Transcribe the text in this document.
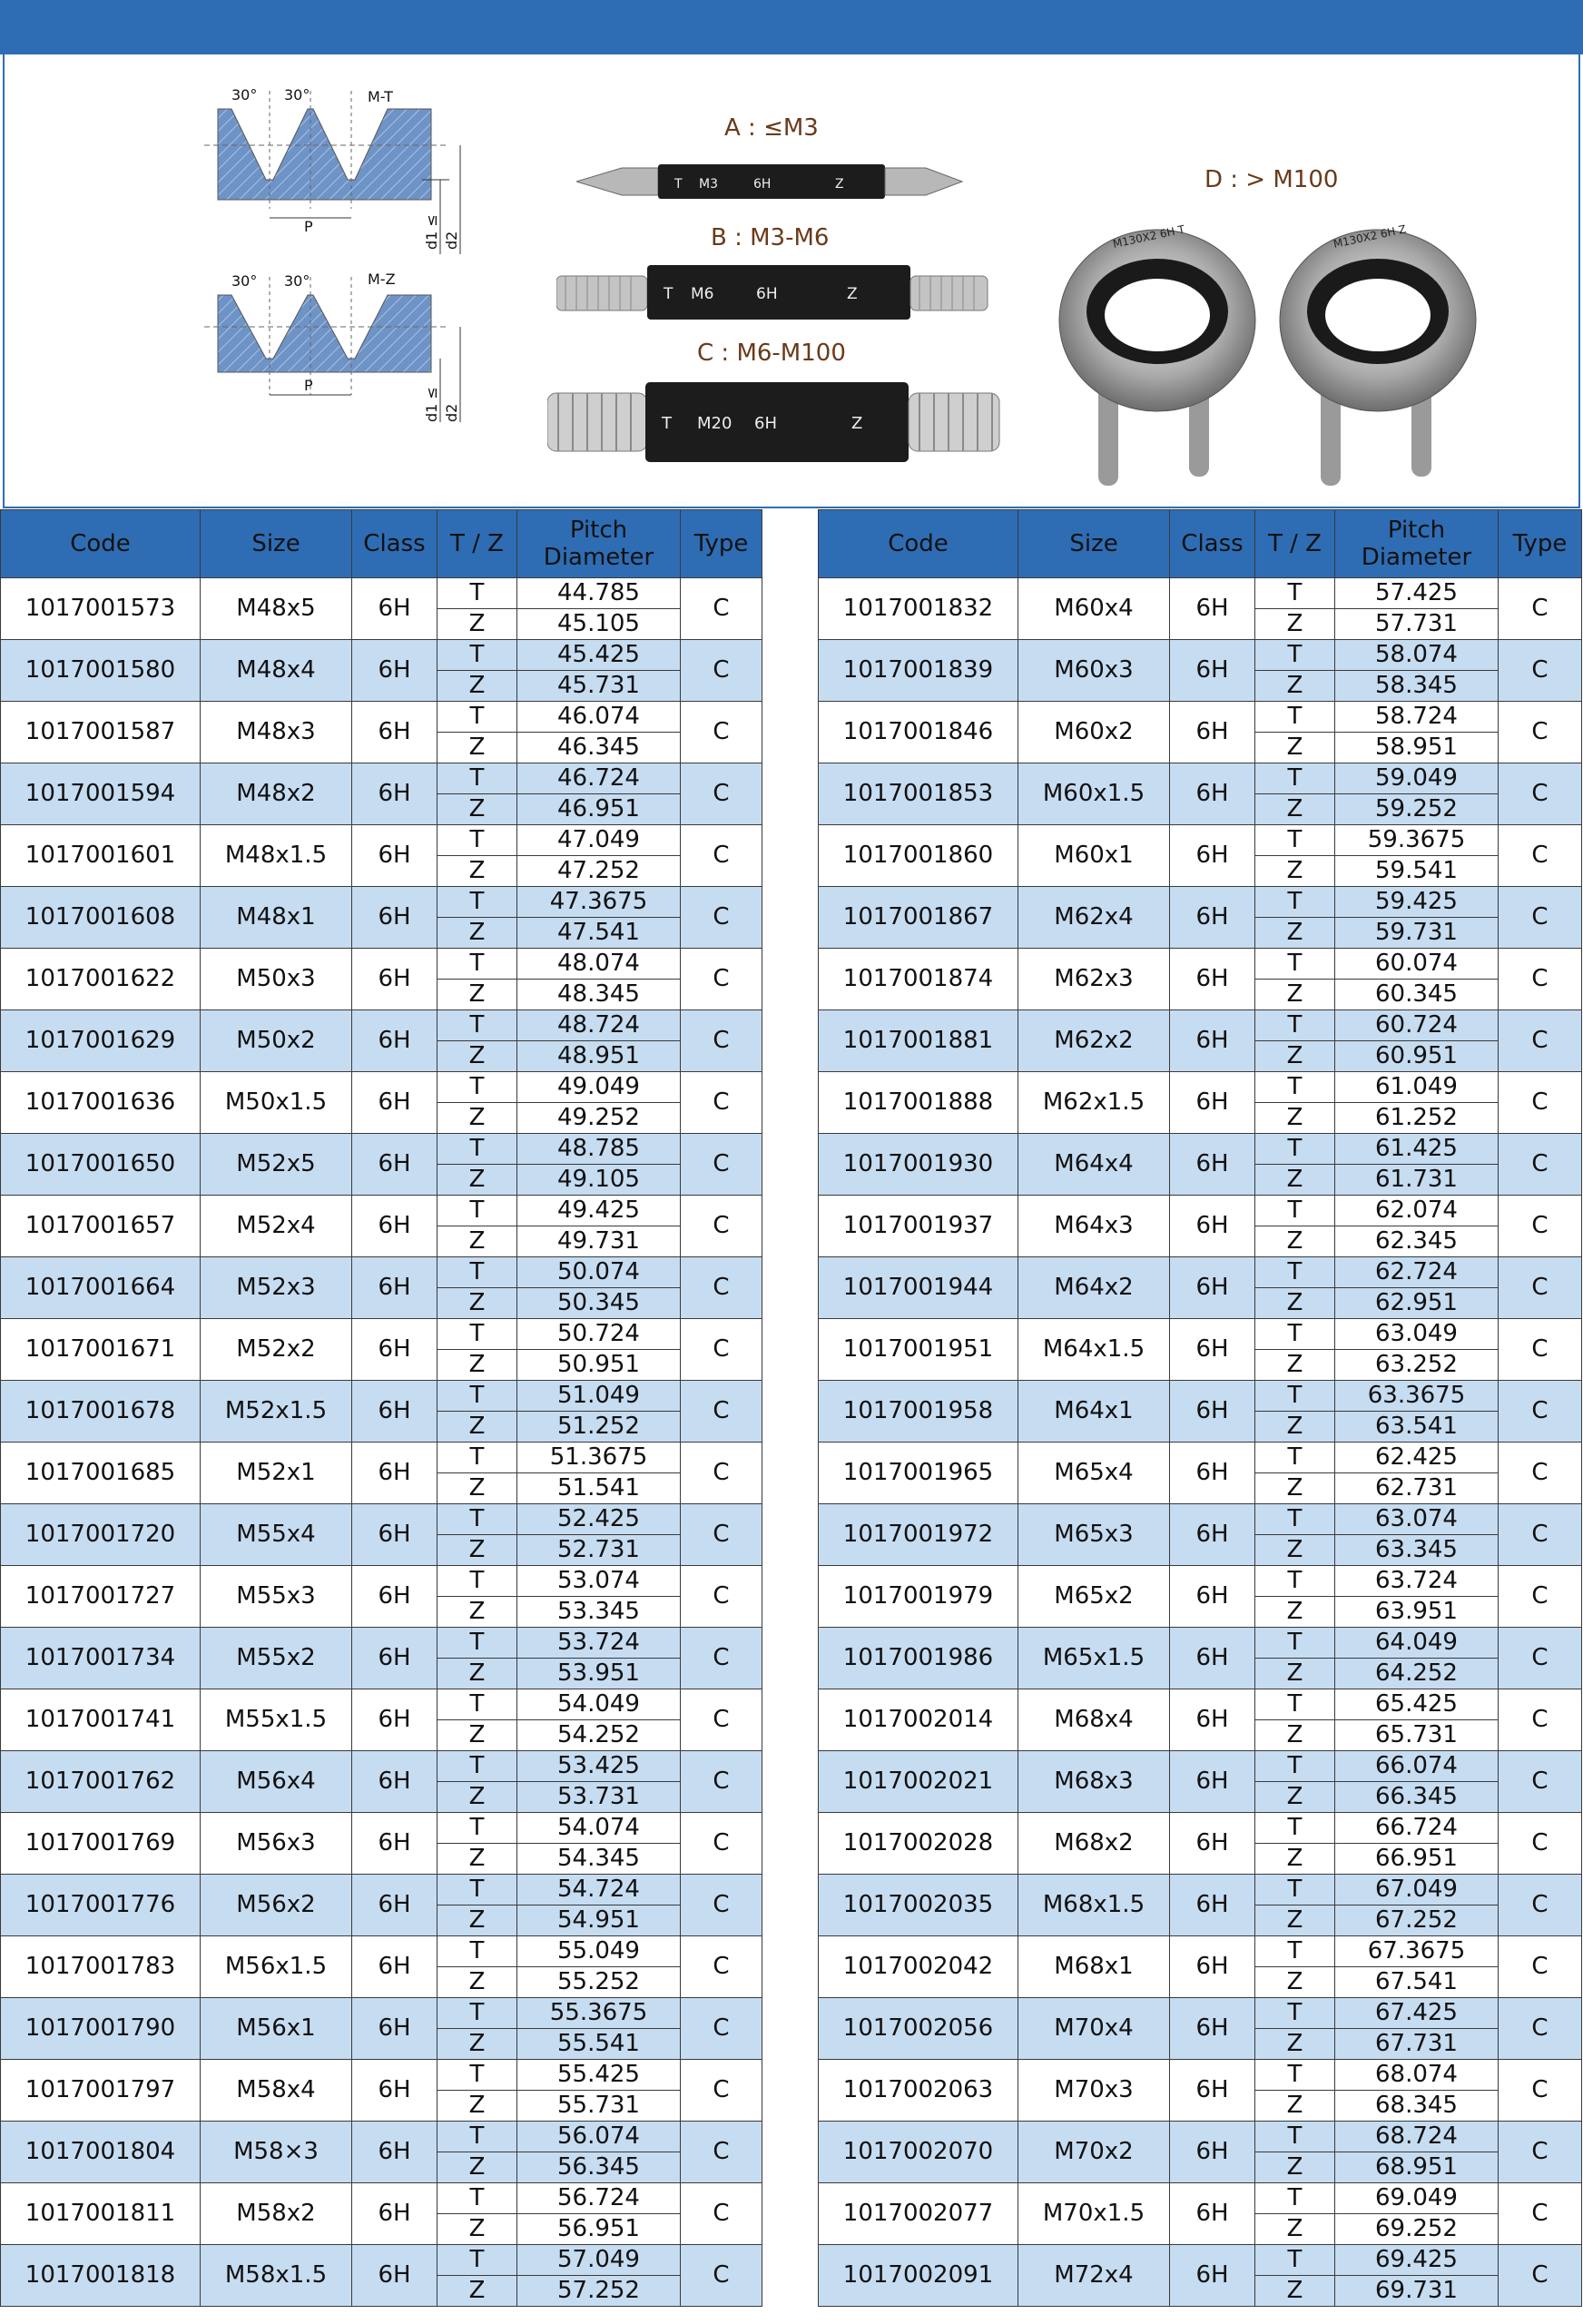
30° 30°	M-T
P	d1 ≤ d2
30° 30°	M-Z
P
d1 ≤ d2
A : ≤M3
B : M3-M6
C : M6-M100
D : > M100
T M3	6H	Z
T M6	6H	Z
T M20 6H	Z
M130X2 6H T	M130X2 6H Z
Code	Size	Class	T / Z	Pitch Diameter	Type
1017001573	M48x5	6H	T	44.785	C
			Z	45.105	
1017001580	M48x4	6H	T	45.425	C
			Z	45.731	
1017001587	M48x3	6H	T	46.074	C
			Z	46.345	
1017001594	M48x2	6H	T	46.724	C
			Z	46.951	
1017001601	M48x1.5	6H	T	47.049	C
			Z	47.252	
1017001608	M48x1	6H	T	47.3675	C
			Z	47.541	
1017001622	M50x3	6H	T	48.074	C
			Z	48.345	
1017001629	M50x2	6H	T	48.724	C
			Z	48.951	
1017001636	M50x1.5	6H	T	49.049	C
			Z	49.252	
1017001650	M52x5	6H	T	48.785	C
			Z	49.105	
1017001657	M52x4	6H	T	49.425	C
			Z	49.731	
1017001664	M52x3	6H	T	50.074	C
			Z	50.345	
1017001671	M52x2	6H	T	50.724	C
			Z	50.951	
1017001678	M52x1.5	6H	T	51.049	C
			Z	51.252	
1017001685	M52x1	6H	T	51.3675	C
			Z	51.541	
1017001720	M55x4	6H	T	52.425	C
			Z	52.731	
1017001727	M55x3	6H	T	53.074	C
			Z	53.345	
1017001734	M55x2	6H	T	53.724	C
			Z	53.951	
1017001741	M55x1.5	6H	T	54.049	C
			Z	54.252	
1017001762	M56x4	6H	T	53.425	C
			Z	53.731	
1017001769	M56x3	6H	T	54.074	C
			Z	54.345	
1017001776	M56x2	6H	T	54.724	C
			Z	54.951	
1017001783	M56x1.5	6H	T	55.049	C
			Z	55.252	
1017001790	M56x1	6H	T	55.3675	C
			Z	55.541	
1017001797	M58x4	6H	T	55.425	C
			Z	55.731	
1017001804	M58×3	6H	T	56.074	C
			Z	56.345	
1017001811	M58x2	6H	T	56.724	C
			Z	56.951	
1017001818	M58x1.5	6H	T	57.049	C
			Z	57.252	
Code	Size	Class	T / Z	Pitch Diameter	Type
1017001832	M60x4	6H	T	57.425	C
			Z	57.731	
1017001839	M60x3	6H	T	58.074	C
			Z	58.345	
1017001846	M60x2	6H	T	58.724	C
			Z	58.951	
1017001853	M60x1.5	6H	T	59.049	C
			Z	59.252	
1017001860	M60x1	6H	T	59.3675	C
			Z	59.541	
1017001867	M62x4	6H	T	59.425	C
			Z	59.731	
1017001874	M62x3	6H	T	60.074	C
			Z	60.345	
1017001881	M62x2	6H	T	60.724	C
			Z	60.951	
1017001888	M62x1.5	6H	T	61.049	C
			Z	61.252	
1017001930	M64x4	6H	T	61.425	C
			Z	61.731	
1017001937	M64x3	6H	T	62.074	C
			Z	62.345	
1017001944	M64x2	6H	T	62.724	C
			Z	62.951	
1017001951	M64x1.5	6H	T	63.049	C
			Z	63.252	
1017001958	M64x1	6H	T	63.3675	C
			Z	63.541	
1017001965	M65x4	6H	T	62.425	C
			Z	62.731	
1017001972	M65x3	6H	T	63.074	C
			Z	63.345	
1017001979	M65x2	6H	T	63.724	C
			Z	63.951	
1017001986	M65x1.5	6H	T	64.049	C
			Z	64.252	
1017002014	M68x4	6H	T	65.425	C
			Z	65.731	
1017002021	M68x3	6H	T	66.074	C
			Z	66.345	
1017002028	M68x2	6H	T	66.724	C
			Z	66.951	
1017002035	M68x1.5	6H	T	67.049	C
			Z	67.252	
1017002042	M68x1	6H	T	67.3675	C
			Z	67.541	
1017002056	M70x4	6H	T	67.425	C
			Z	67.731	
1017002063	M70x3	6H	T	68.074	C
			Z	68.345	
1017002070	M70x2	6H	T	68.724	C
			Z	68.951	
1017002077	M70x1.5	6H	T	69.049	C
			Z	69.252	
1017002091	M72x4	6H	T	69.425	C
			Z	69.731	
